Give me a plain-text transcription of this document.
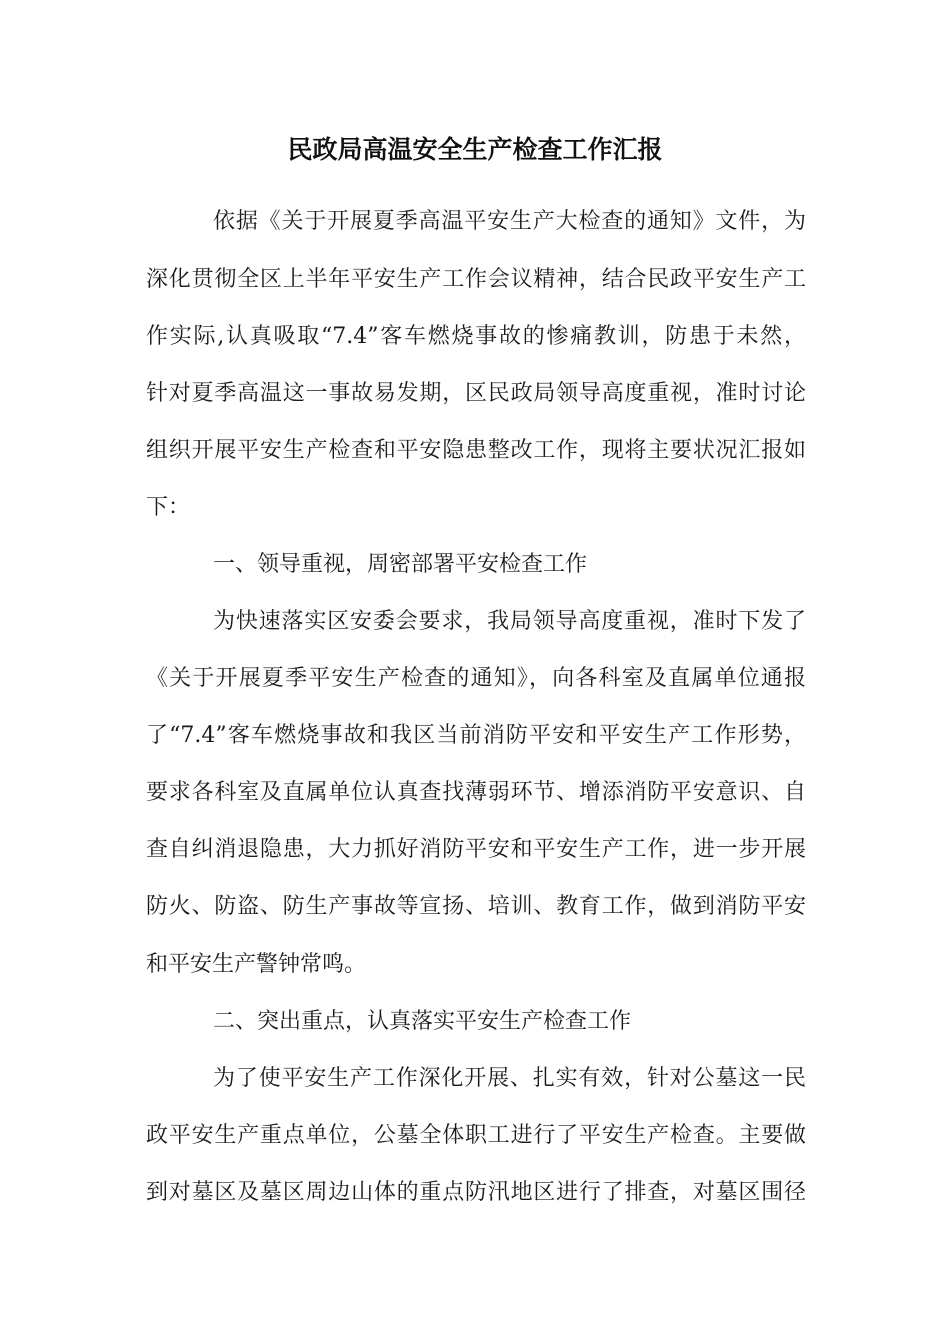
民政局高温安全生产检查工作汇报

依据《关于开展夏季高温平安生产大检查的通知》文件，为

深化贯彻全区上半年平安生产工作会议精神，结合民政平安生产工

作实际,认真吸取“7.4”客车燃烧事故的惨痛教训，防患于未然，

针对夏季高温这一事故易发期，区民政局领导高度重视，准时讨论

组织开展平安生产检查和平安隐患整改工作，现将主要状况汇报如

下：

一、领导重视，周密部署平安检查工作

为快速落实区安委会要求，我局领导高度重视，准时下发了

《关于开展夏季平安生产检查的通知》，向各科室及直属单位通报

了“7.4”客车燃烧事故和我区当前消防平安和平安生产工作形势，

要求各科室及直属单位认真查找薄弱环节、增添消防平安意识、自

查自纠消退隐患，大力抓好消防平安和平安生产工作，进一步开展

防火、防盗、防生产事故等宣扬、培训、教育工作，做到消防平安

和平安生产警钟常鸣。

二、突出重点，认真落实平安生产检查工作

为了使平安生产工作深化开展、扎实有效，针对公墓这一民

政平安生产重点单位，公墓全体职工进行了平安生产检查。主要做

到对墓区及墓区周边山体的重点防汛地区进行了排查，对墓区围径
